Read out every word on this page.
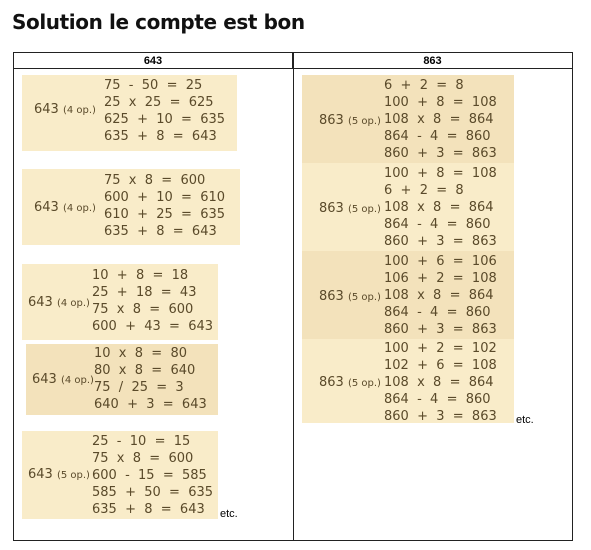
Solution le compte est bon
643	863
643 (4 op.)
75  -  50  =  25
25  x  25  =  625
625  +  10  =  635
635  +  8  =  643
643 (4 op.)
75  x  8  =  600
600  +  10  =  610
610  +  25  =  635
635  +  8  =  643
643 (4 op.)
10  +  8  =  18
25  +  18  =  43
75  x  8  =  600
600  +  43  =  643
643 (4 op.)
10  x  8  =  80
80  x  8  =  640
75  /  25  =  3
640  +  3  =  643
643 (5 op.)
25  -  10  =  15
75  x  8  =  600
600  -  15  =  585
585  +  50  =  635
635  +  8  =  643	etc.
863 (5 op.)
6  +  2  =  8
100  +  8  =  108
108  x  8  =  864
864  -  4  =  860
860  +  3  =  863
863 (5 op.)
100  +  8  =  108
6  +  2  =  8
108  x  8  =  864
864  -  4  =  860
860  +  3  =  863
863 (5 op.)
100  +  6  =  106
106  +  2  =  108
108  x  8  =  864
864  -  4  =  860
860  +  3  =  863
863 (5 op.)
100  +  2  =  102
102  +  6  =  108
108  x  8  =  864
864  -  4  =  860
860  +  3  =  863 etc.
